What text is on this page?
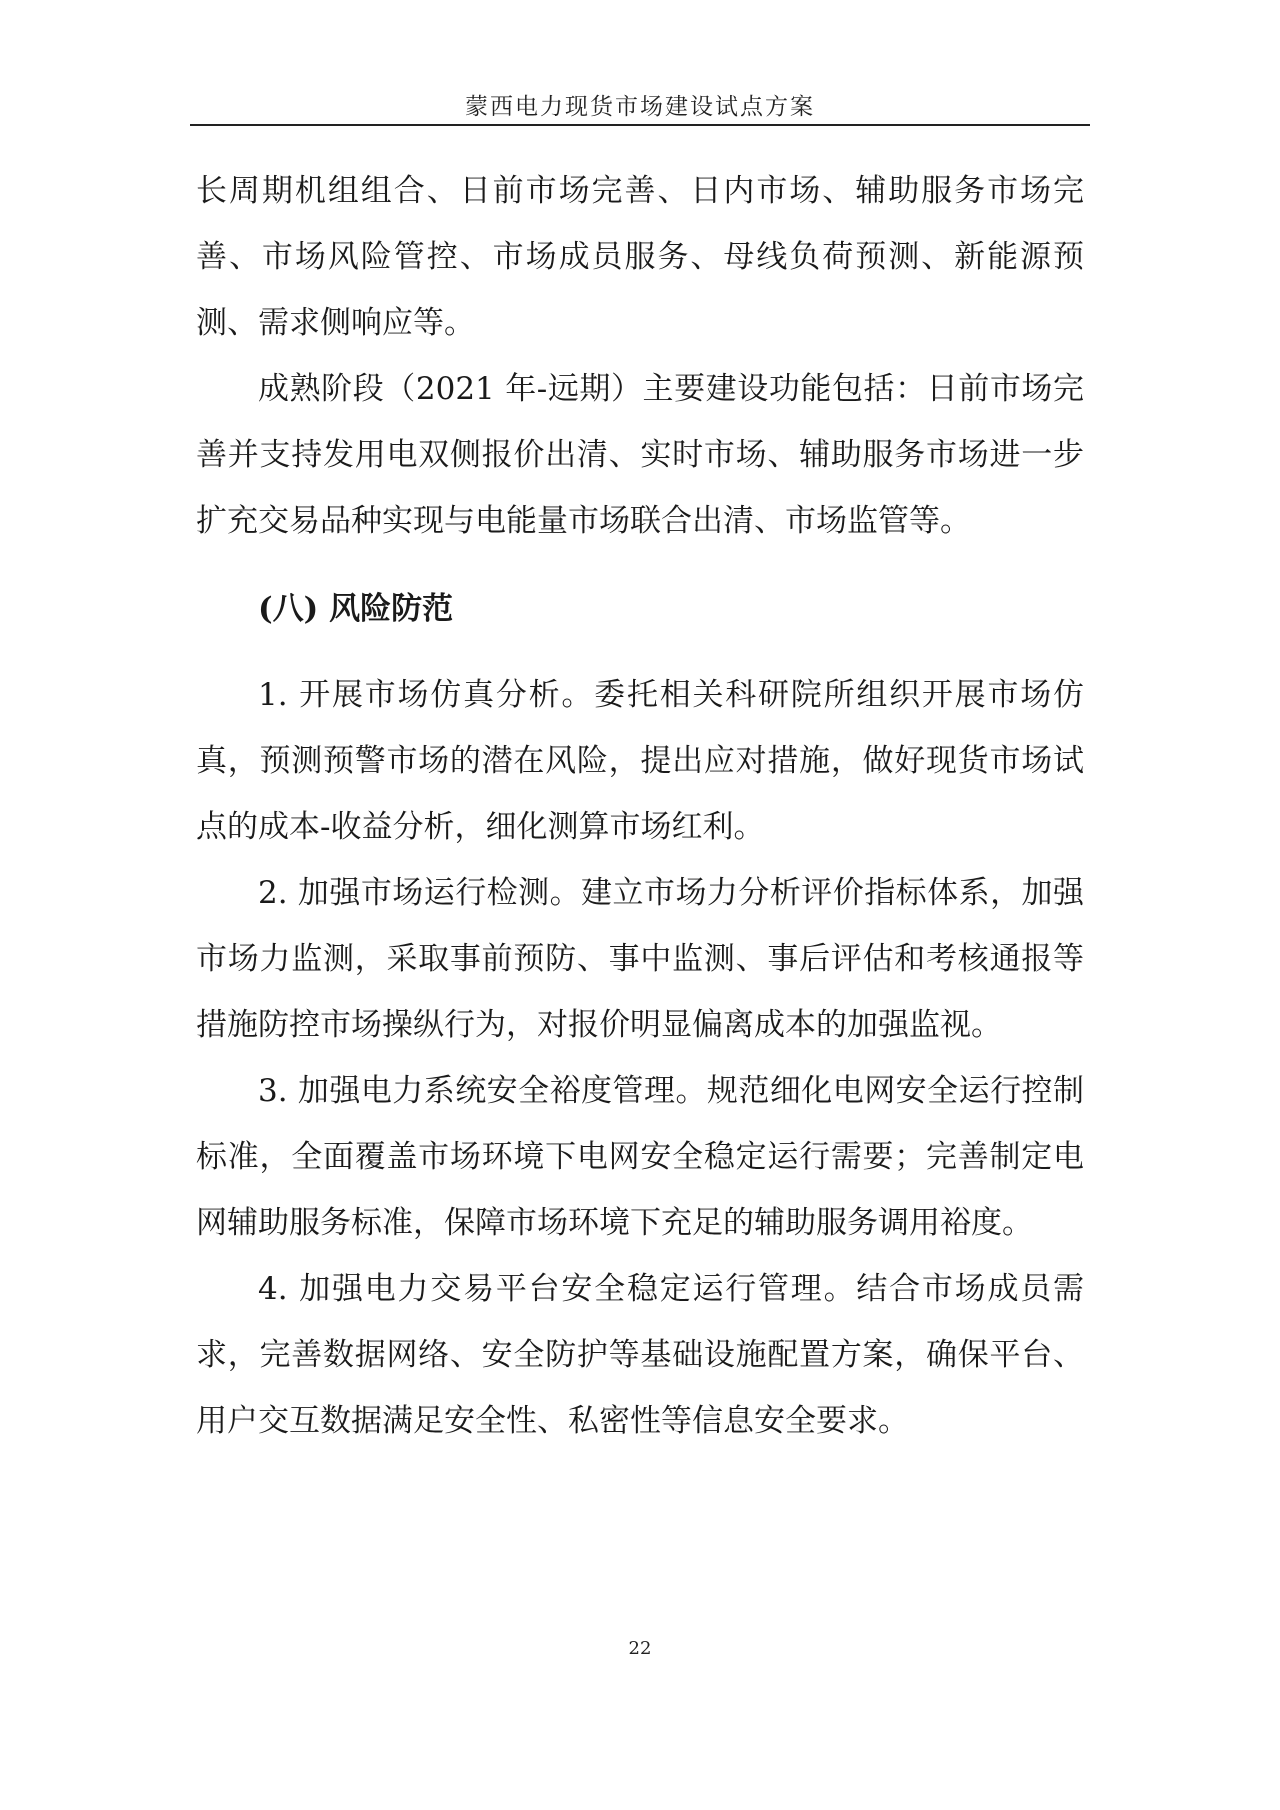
蒙西电力现货市场建设试点方案

长周期机组组合、日前市场完善、日内市场、辅助服务市场完善、市场风险管控、市场成员服务、母线负荷预测、新能源预测、需求侧响应等。

成熟阶段（2021 年-远期）主要建设功能包括：日前市场完善并支持发用电双侧报价出清、实时市场、辅助服务市场进一步扩充交易品种实现与电能量市场联合出清、市场监管等。

(八) 风险防范

1. 开展市场仿真分析。委托相关科研院所组织开展市场仿真，预测预警市场的潜在风险，提出应对措施，做好现货市场试点的成本-收益分析，细化测算市场红利。

2. 加强市场运行检测。建立市场力分析评价指标体系，加强市场力监测，采取事前预防、事中监测、事后评估和考核通报等措施防控市场操纵行为，对报价明显偏离成本的加强监视。

3. 加强电力系统安全裕度管理。规范细化电网安全运行控制标准，全面覆盖市场环境下电网安全稳定运行需要；完善制定电网辅助服务标准，保障市场环境下充足的辅助服务调用裕度。

4. 加强电力交易平台安全稳定运行管理。结合市场成员需求，完善数据网络、安全防护等基础设施配置方案，确保平台、用户交互数据满足安全性、私密性等信息安全要求。

22
